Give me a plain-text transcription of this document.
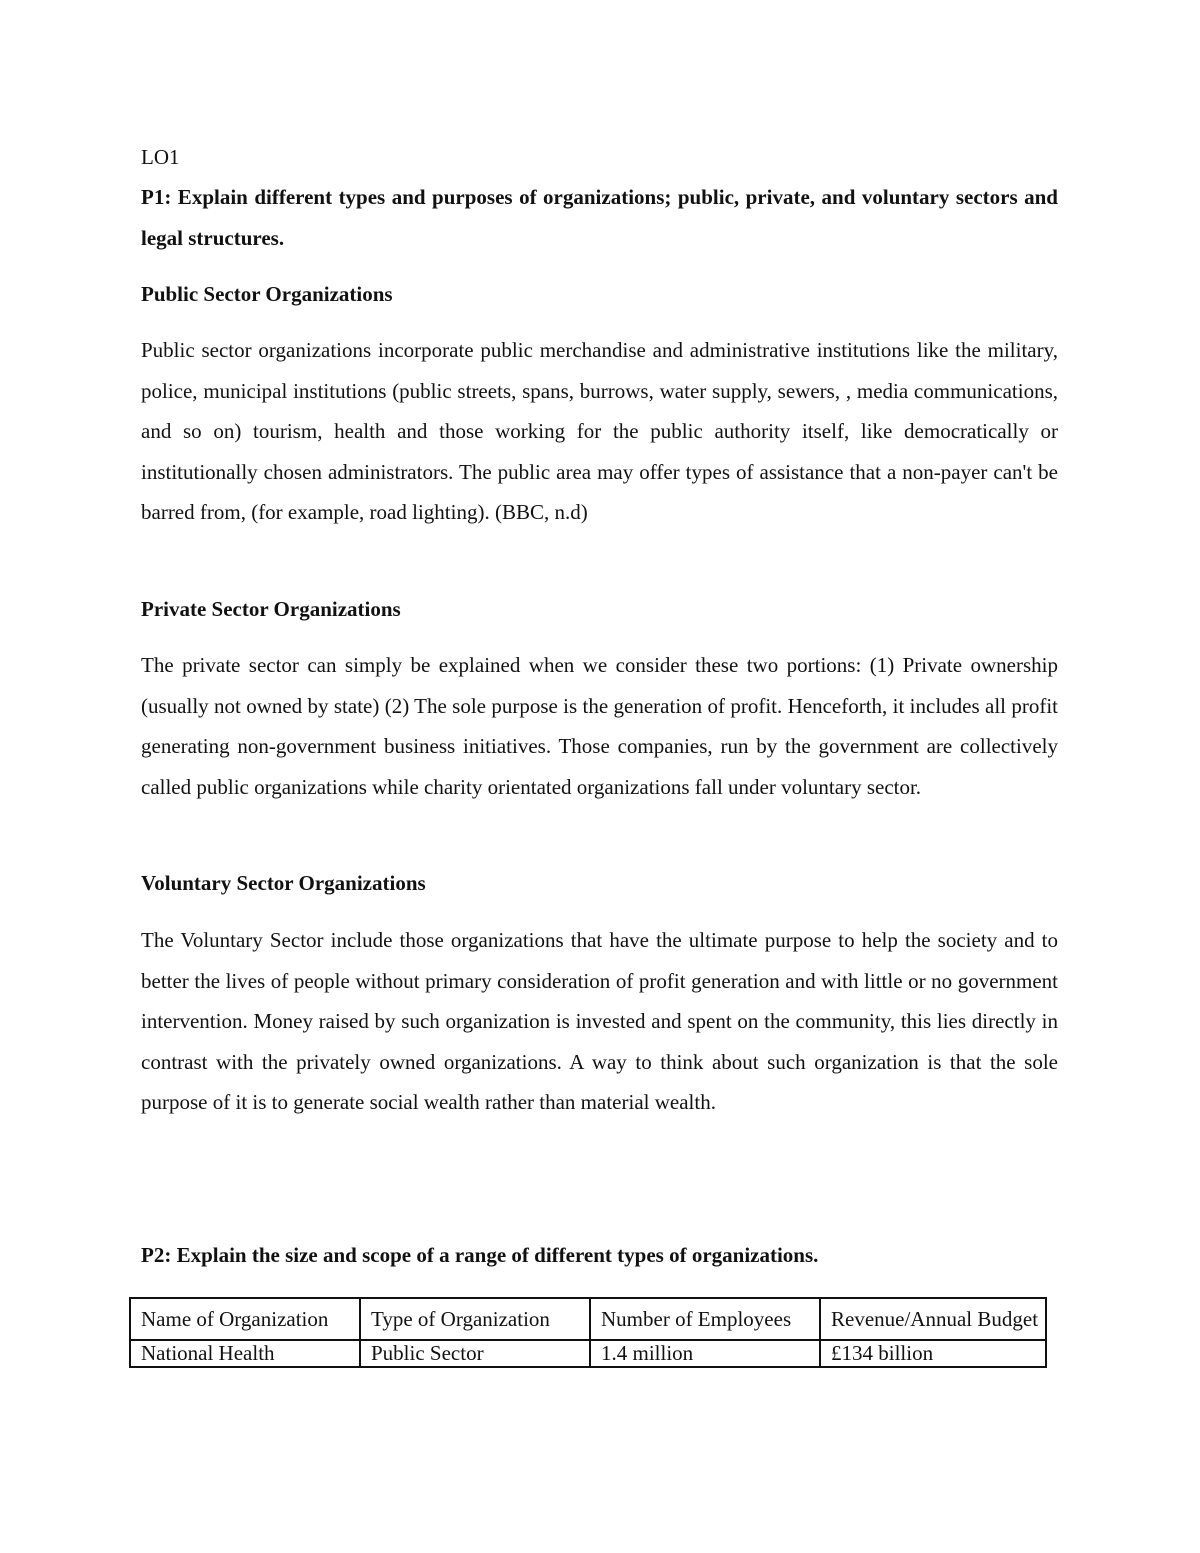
LO1
P1: Explain different types and purposes of organizations; public, private, and voluntary sectors and legal structures.
Public Sector Organizations
Public sector organizations incorporate public merchandise and administrative institutions like the military, police, municipal institutions (public streets, spans, burrows, water supply, sewers, , media communications, and so on) tourism, health and those working for the public authority itself, like democratically or institutionally chosen administrators. The public area may offer types of assistance that a non-payer can't be barred from, (for example, road lighting). (BBC, n.d)
Private Sector Organizations
The private sector can simply be explained when we consider these two portions: (1) Private ownership (usually not owned by state) (2) The sole purpose is the generation of profit. Henceforth, it includes all profit generating non-government business initiatives. Those companies, run by the government are collectively called public organizations while charity orientated organizations fall under voluntary sector.
Voluntary Sector Organizations
The Voluntary Sector include those organizations that have the ultimate purpose to help the society and to better the lives of people without primary consideration of profit generation and with little or no government intervention. Money raised by such organization is invested and spent on the community, this lies directly in contrast with the privately owned organizations. A way to think about such organization is that the sole purpose of it is to generate social wealth rather than material wealth.
P2: Explain the size and scope of a range of different types of organizations.
Name of Organization	Type of Organization	Number of Employees	Revenue/Annual Budget
National Health	Public Sector	1.4 million	£134 billion
